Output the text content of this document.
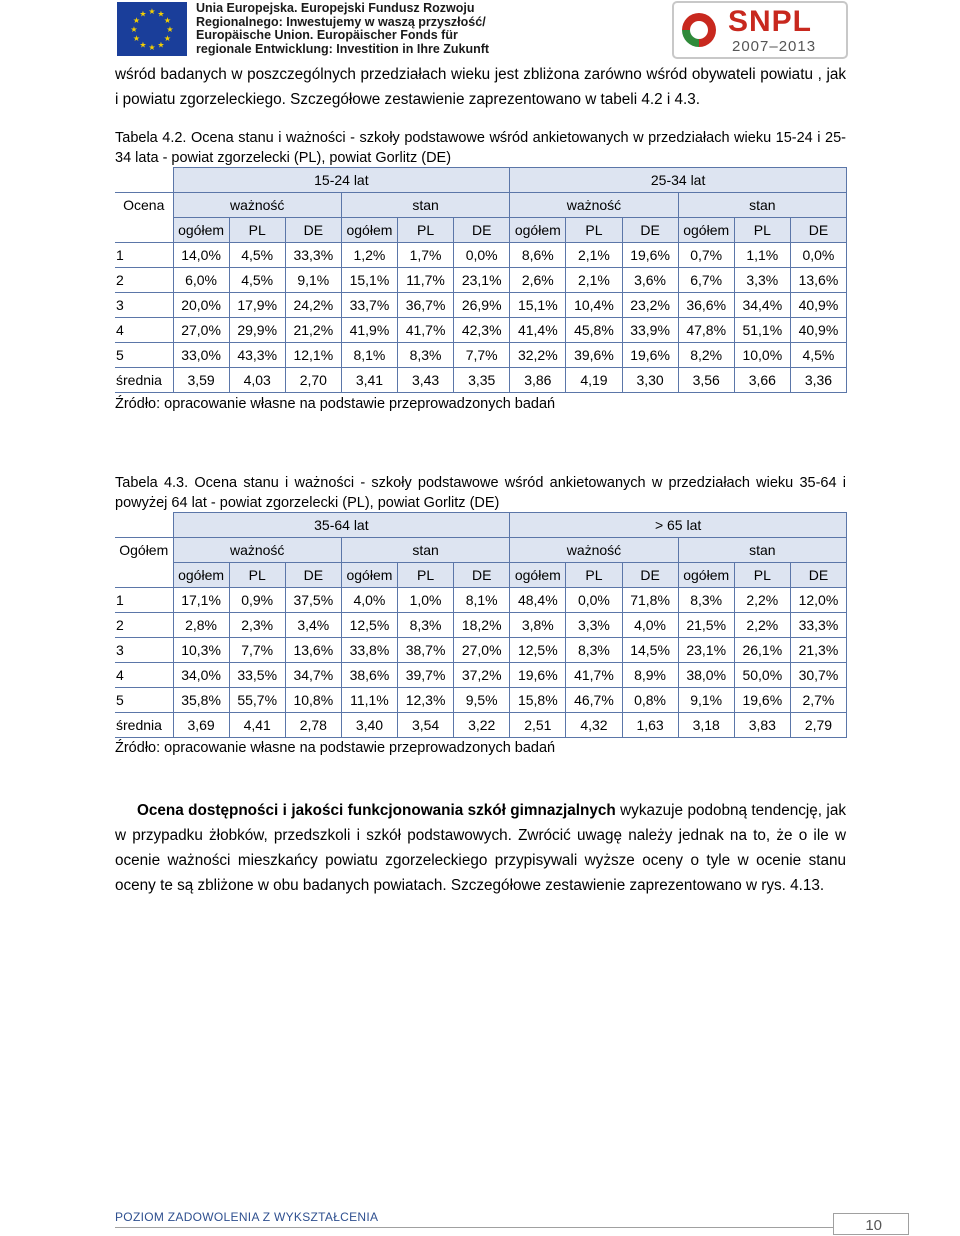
★ ★
★
★
★
★
★
★
★
★
★
★	Unia Europejska. Europejski Fundusz Rozwoju
Regionalnego: Inwestujemy w waszą przyszłość/
Europäische Union. Europäischer Fonds für
regionale Entwicklung: Investition in Ihre Zukunft
SNPL
2007–2013
wśród badanych w poszczególnych przedziałach wieku jest zbliżona zarówno wśród obywateli powiatu , jak i powiatu zgorzeleckiego. Szczegółowe zestawienie zaprezentowano w tabeli 4.2 i 4.3.
Tabela 4.2. Ocena stanu i ważności - szkoły podstawowe wśród ankietowanych w przedziałach wieku 15-24 i 25-34 lata - powiat zgorzelecki (PL), powiat Gorlitz (DE)
	15-24 lat						25-34 lat					
Ocena	ważność			stan			ważność			stan		
	ogółem	PL	DE	ogółem	PL	DE	ogółem	PL	DE	ogółem	PL	DE
1	14,0%	4,5%	33,3%	1,2%	1,7%	0,0%	8,6%	2,1%	19,6%	0,7%	1,1%	0,0%
2	6,0%	4,5%	9,1%	15,1%	11,7%	23,1%	2,6%	2,1%	3,6%	6,7%	3,3%	13,6%
3	20,0%	17,9%	24,2%	33,7%	36,7%	26,9%	15,1%	10,4%	23,2%	36,6%	34,4%	40,9%
4	27,0%	29,9%	21,2%	41,9%	41,7%	42,3%	41,4%	45,8%	33,9%	47,8%	51,1%	40,9%
5	33,0%	43,3%	12,1%	8,1%	8,3%	7,7%	32,2%	39,6%	19,6%	8,2%	10,0%	4,5%
średnia	3,59	4,03	2,70	3,41	3,43	3,35	3,86	4,19	3,30	3,56	3,66	3,36
Źródło: opracowanie własne na podstawie przeprowadzonych badań
Tabela 4.3. Ocena stanu i ważności - szkoły podstawowe wśród ankietowanych w przedziałach wieku 35-64 i powyżej 64 lat - powiat zgorzelecki (PL), powiat Gorlitz (DE)
	35-64 lat						> 65 lat					
Ogółem	ważność			stan			ważność			stan		
	ogółem	PL	DE	ogółem	PL	DE	ogółem	PL	DE	ogółem	PL	DE
1	17,1%	0,9%	37,5%	4,0%	1,0%	8,1%	48,4%	0,0%	71,8%	8,3%	2,2%	12,0%
2	2,8%	2,3%	3,4%	12,5%	8,3%	18,2%	3,8%	3,3%	4,0%	21,5%	2,2%	33,3%
3	10,3%	7,7%	13,6%	33,8%	38,7%	27,0%	12,5%	8,3%	14,5%	23,1%	26,1%	21,3%
4	34,0%	33,5%	34,7%	38,6%	39,7%	37,2%	19,6%	41,7%	8,9%	38,0%	50,0%	30,7%
5	35,8%	55,7%	10,8%	11,1%	12,3%	9,5%	15,8%	46,7%	0,8%	9,1%	19,6%	2,7%
średnia	3,69	4,41	2,78	3,40	3,54	3,22	2,51	4,32	1,63	3,18	3,83	2,79
Źródło: opracowanie własne na podstawie przeprowadzonych badań
Ocena dostępności i jakości funkcjonowania szkół gimnazjalnych wykazuje podobną tendencję, jak w przypadku żłobków, przedszkoli i szkół podstawowych. Zwrócić uwagę należy jednak na to, że o ile w ocenie ważności mieszkańcy powiatu zgorzeleckiego przypisywali wyższe oceny o tyle w ocenie stanu oceny te są zbliżone w obu badanych powiatach. Szczegółowe zestawienie zaprezentowano w rys. 4.13.
POZIOM ZADOWOLENIA Z WYKSZTAŁCENIA	10
